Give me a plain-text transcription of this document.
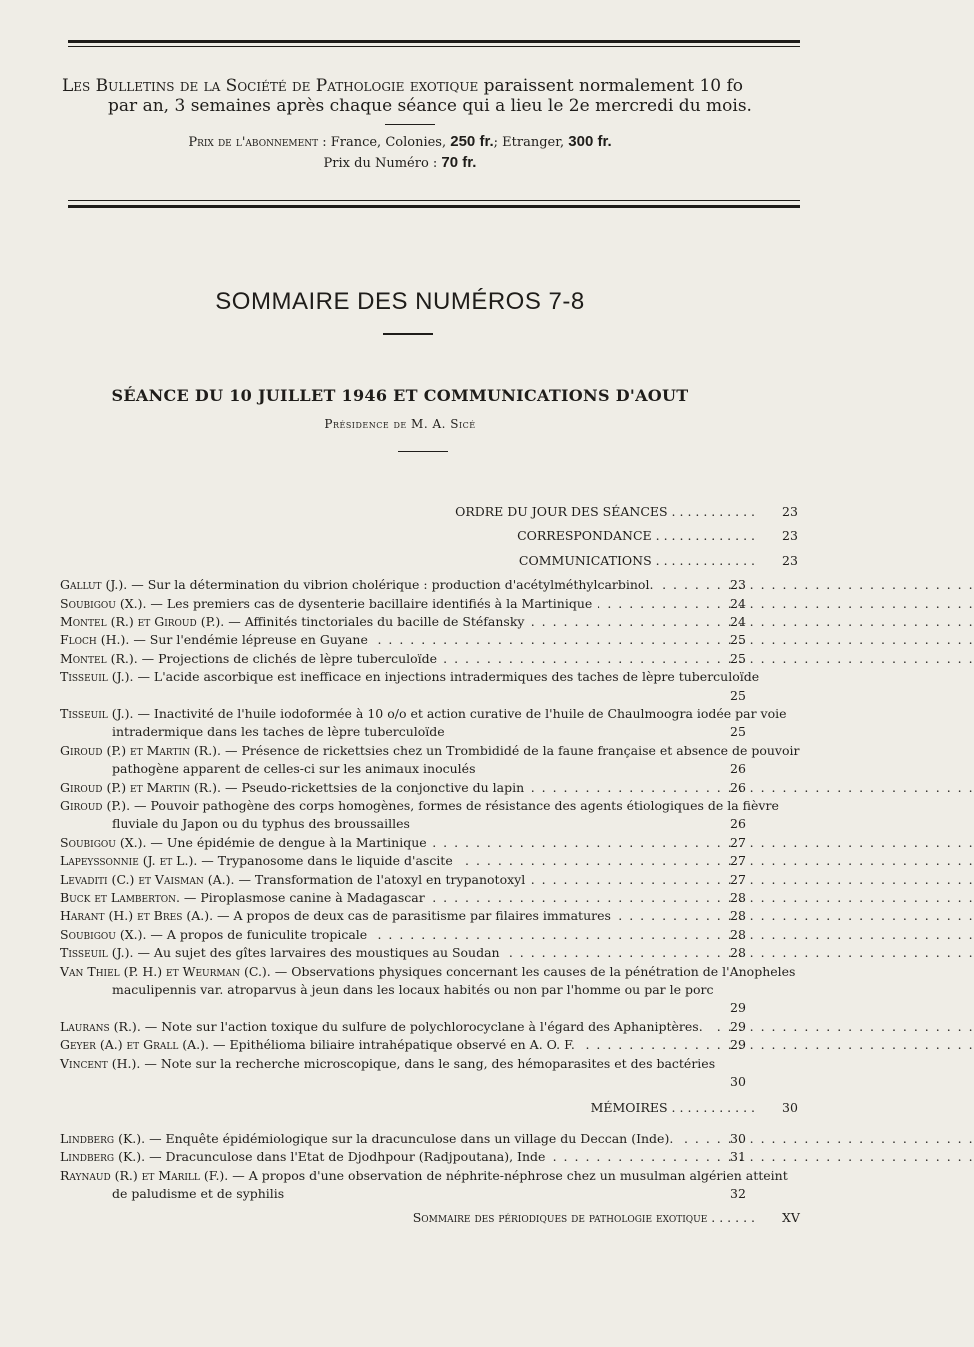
Les Bulletins de la Société de Pathologie exotique paraissent normalement 10 fo
par an, 3 semaines après chaque séance qui a lieu le 2e mercredi du mois.
Prix de l'abonnement : France, Colonies, 250 fr.; Etranger, 300 fr.
Prix du Numéro : 70 fr.
SOMMAIRE DES NUMÉROS 7-8
SÉANCE DU 10 JUILLET 1946 ET COMMUNICATIONS D'AOUT
Présidence de M. A. Sicé
ORDRE DU JOUR DES SÉANCES . . . . . . . . . . . 23
CORRESPONDANCE . . . . . . . . . . . . . 23
COMMUNICATIONS . . . . . . . . . . . . . 23
Gallut (J.). — Sur la détermination du vibrion cholérique : production d'acétylméthylcarbinol. . . .	23
Soubigou (X.). — Les premiers cas de dysenterie bacillaire identifiés à la Martinique . . .	24
Montel (R.) et Giroud (P.). — Affinités tinctoriales du bacille de Stéfansky . . .	24
Floch (H.). — Sur l'endémie lépreuse en Guyane . . .	25
Montel (R.). — Projections de clichés de lèpre tuberculoïde . . .	25
Tisseuil (J.). — L'acide ascorbique est inefficace en injections intradermiques des taches de lèpre tuberculoïde
25
Tisseuil (J.). — Inactivité de l'huile iodoformée à 10 o/o et action curative de l'huile de Chaulmoogra iodée par voie intradermique dans les taches de lèpre tuberculoïde	25
Giroud (P.) et Martin (R.). — Présence de rickettsies chez un Trombididé de la faune française et absence de pouvoir pathogène apparent de celles-ci sur les animaux inoculés	26
Giroud (P.) et Martin (R.). — Pseudo-rickettsies de la conjonctive du lapin . . .	26
Giroud (P.). — Pouvoir pathogène des corps homogènes, formes de résistance des agents étiologiques de la fièvre fluviale du Japon ou du typhus des broussailles	26
Soubigou (X.). — Une épidémie de dengue à la Martinique . . .	27
Lapeyssonnie (J. et L.). — Trypanosome dans le liquide d'ascite . . .	27
Levaditi (C.) et Vaisman (A.). — Transformation de l'atoxyl en trypanotoxyl . . .	27
Buck et Lamberton. — Piroplasmose canine à Madagascar . . .	28
Harant (H.) et Bres (A.). — A propos de deux cas de parasitisme par filaires immatures . . .	28
Soubigou (X.). — A propos de funiculite tropicale . . .	28
Tisseuil (J.). — Au sujet des gîtes larvaires des moustiques au Soudan . . .	28
Van Thiel (P. H.) et Weurman (C.). — Observations physiques concernant les causes de la pénétration de l'Anopheles maculipennis var. atroparvus à jeun dans les locaux habités ou non par l'homme ou par le porc
29
Laurans (R.). — Note sur l'action toxique du sulfure de polychlorocyclane à l'égard des Aphaniptères. . . .	29
Geyer (A.) et Grall (A.). — Epithélioma biliaire intrahépatique observé en A. O. F. . . .	29
Vincent (H.). — Note sur la recherche microscopique, dans le sang, des hémoparasites et des bactéries
30
MÉMOIRES . . . . . . . . . . . 30
Lindberg (K.). — Enquête épidémiologique sur la dracunculose dans un village du Deccan (Inde). . . .	30
Lindberg (K.). — Dracunculose dans l'Etat de Djodhpour (Radjpoutana), Inde . . .	31
Raynaud (R.) et Marill (F.). — A propos d'une observation de néphrite-néphrose chez un musulman algérien atteint de paludisme et de syphilis	32
Sommaire des périodiques de pathologie exotique . . . . . . XV
